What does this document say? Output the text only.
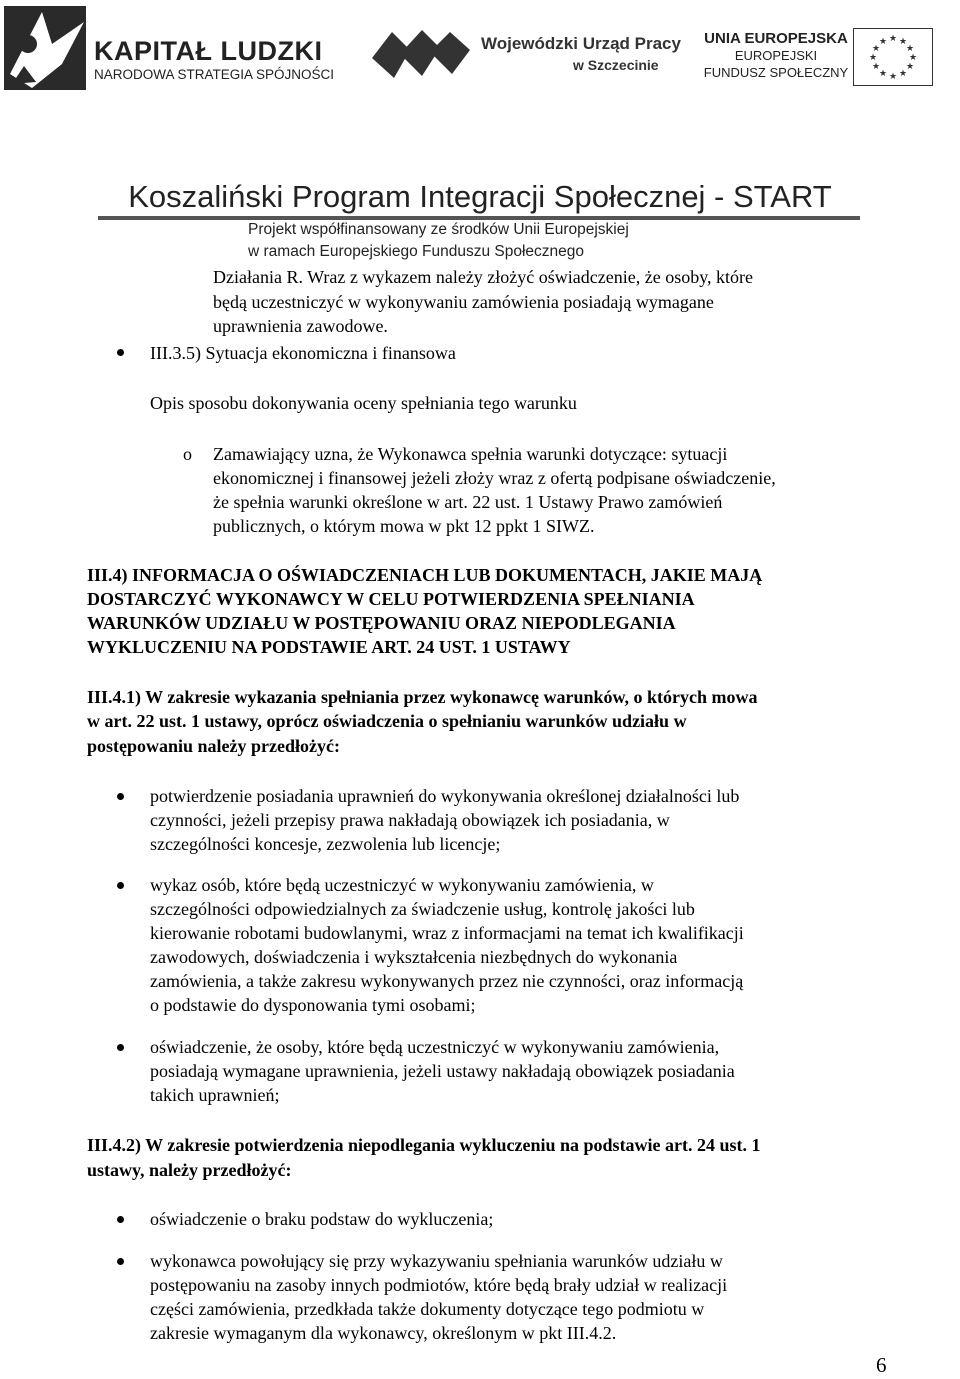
KAPITAŁ LUDZKI
NARODOWA STRATEGIA SPÓJNOŚCI
Wojewódzki Urząd Pracy
w Szczecinie
UNIA EUROPEJSKA
EUROPEJSKI
FUNDUSZ SPOŁECZNY
★ ★
★
★
★
★
★
★
★
★
★
★
Koszaliński Program Integracji Społecznej - START
Projekt współfinansowany ze środków Unii Europejskiej
w ramach Europejskiego Funduszu Społecznego
Działania R. Wraz z wykazem należy złożyć oświadczenie, że osoby, które
będą uczestniczyć w wykonywaniu zamówienia posiadają wymagane
uprawnienia zawodowe.
III.3.5) Sytuacja ekonomiczna i finansowa
Opis sposobu dokonywania oceny spełniania tego warunku
o Zamawiający uzna, że Wykonawca spełnia warunki dotyczące: sytuacji
ekonomicznej i finansowej jeżeli złoży wraz z ofertą podpisane oświadczenie,
że spełnia warunki określone w art. 22 ust. 1 Ustawy Prawo zamówień
publicznych, o którym mowa w pkt 12 ppkt 1 SIWZ.
III.4) INFORMACJA O OŚWIADCZENIACH LUB DOKUMENTACH, JAKIE MAJĄ
DOSTARCZYĆ WYKONAWCY W CELU POTWIERDZENIA SPEŁNIANIA
WARUNKÓW UDZIAŁU W POSTĘPOWANIU ORAZ NIEPODLEGANIA
WYKLUCZENIU NA PODSTAWIE ART. 24 UST. 1 USTAWY
III.4.1) W zakresie wykazania spełniania przez wykonawcę warunków, o których mowa
w art. 22 ust. 1 ustawy, oprócz oświadczenia o spełnianiu warunków udziału w
postępowaniu należy przedłożyć:
potwierdzenie posiadania uprawnień do wykonywania określonej działalności lub
czynności, jeżeli przepisy prawa nakładają obowiązek ich posiadania, w
szczególności koncesje, zezwolenia lub licencje;
wykaz osób, które będą uczestniczyć w wykonywaniu zamówienia, w
szczególności odpowiedzialnych za świadczenie usług, kontrolę jakości lub
kierowanie robotami budowlanymi, wraz z informacjami na temat ich kwalifikacji
zawodowych, doświadczenia i wykształcenia niezbędnych do wykonania
zamówienia, a także zakresu wykonywanych przez nie czynności, oraz informacją
o podstawie do dysponowania tymi osobami;
oświadczenie, że osoby, które będą uczestniczyć w wykonywaniu zamówienia,
posiadają wymagane uprawnienia, jeżeli ustawy nakładają obowiązek posiadania
takich uprawnień;
III.4.2) W zakresie potwierdzenia niepodlegania wykluczeniu na podstawie art. 24 ust. 1
ustawy, należy przedłożyć:
oświadczenie o braku podstaw do wykluczenia;
wykonawca powołujący się przy wykazywaniu spełniania warunków udziału w
postępowaniu na zasoby innych podmiotów, które będą brały udział w realizacji
części zamówienia, przedkłada także dokumenty dotyczące tego podmiotu w
zakresie wymaganym dla wykonawcy, określonym w pkt III.4.2.
6
